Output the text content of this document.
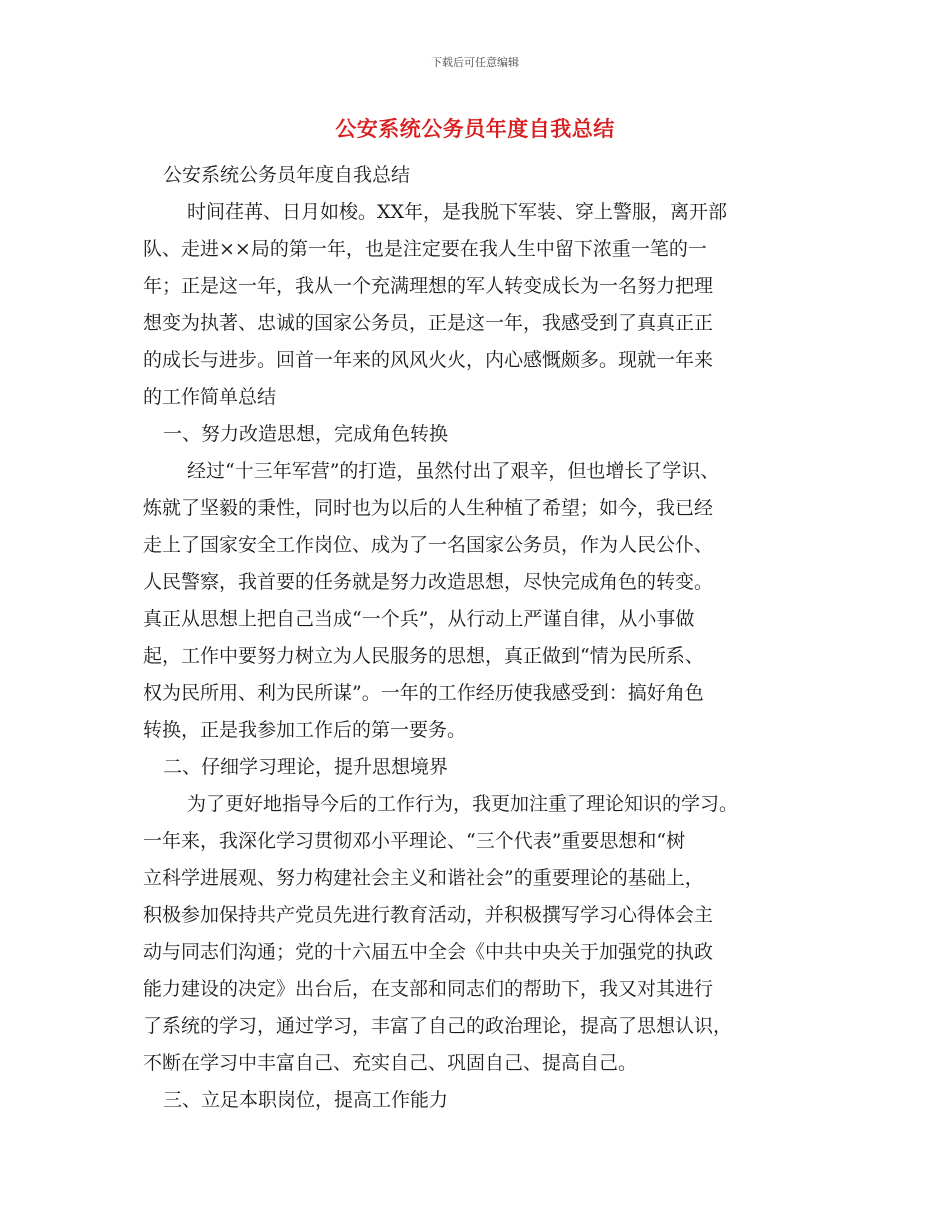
下载后可任意编辑
公安系统公务员年度自我总结
公安系统公务员年度自我总结
时间荏苒、日月如梭。XX年，是我脱下军装、穿上警服，离开部
队、走进××局的第一年，也是注定要在我人生中留下浓重一笔的一
年；正是这一年，我从一个充满理想的军人转变成长为一名努力把理
想变为执著、忠诚的国家公务员，正是这一年，我感受到了真真正正
的成长与进步。回首一年来的风风火火，内心感慨颇多。现就一年来
的工作简单总结
一、努力改造思想，完成角色转换
经过“十三年军营”的打造，虽然付出了艰辛，但也增长了学识、
炼就了坚毅的秉性，同时也为以后的人生种植了希望；如今，我已经
走上了国家安全工作岗位、成为了一名国家公务员，作为人民公仆、
人民警察，我首要的任务就是努力改造思想，尽快完成角色的转变。
真正从思想上把自己当成“一个兵”，从行动上严谨自律，从小事做
起，工作中要努力树立为人民服务的思想，真正做到“情为民所系、
权为民所用、利为民所谋”。一年的工作经历使我感受到：搞好角色
转换，正是我参加工作后的第一要务。
二、仔细学习理论，提升思想境界
为了更好地指导今后的工作行为，我更加注重了理论知识的学习。
一年来，我深化学习贯彻邓小平理论、“三个代表”重要思想和“树
立科学进展观、努力构建社会主义和谐社会”的重要理论的基础上，
积极参加保持共产党员先进行教育活动，并积极撰写学习心得体会主
动与同志们沟通；党的十六届五中全会《中共中央关于加强党的执政
能力建设的决定》出台后，在支部和同志们的帮助下，我又对其进行
了系统的学习，通过学习，丰富了自己的政治理论，提高了思想认识，
不断在学习中丰富自己、充实自己、巩固自己、提高自己。
三、立足本职岗位，提高工作能力
